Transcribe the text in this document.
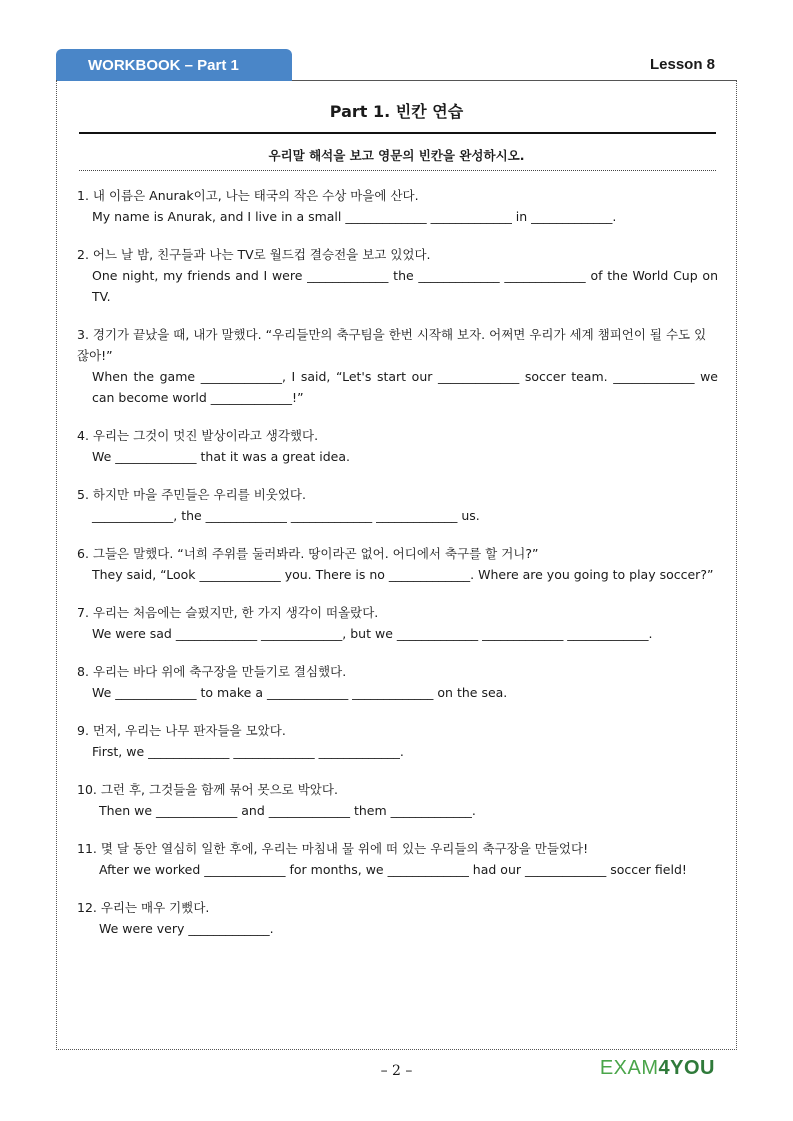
WORKBOOK – Part 1	Lesson 8
Part 1. 빈칸 연습
우리말 해석을 보고 영문의 빈칸을 완성하시오.
1. 내 이름은 Anurak이고, 나는 태국의 작은 수상 마을에 산다.
My name is Anurak, and I live in a small _____________ _____________ in _____________.
2. 어느 날 밤, 친구들과 나는 TV로 월드컵 결승전을 보고 있었다.
One night, my friends and I were _____________ the _____________ _____________ of the World Cup on TV.
3. 경기가 끝났을 때, 내가 말했다. “우리들만의 축구팀을 한번 시작해 보자. 어쩌면 우리가 세계 챔피언이 될 수도 있잖아!”
When the game _____________, I said, “Let's start our _____________ soccer team. _____________ we can become world _____________!”
4. 우리는 그것이 멋진 발상이라고 생각했다.
We _____________ that it was a great idea.
5. 하지만 마을 주민들은 우리를 비웃었다.
_____________, the _____________ _____________ _____________ us.
6. 그들은 말했다. “너희 주위를 둘러봐라. 땅이라곤 없어. 어디에서 축구를 할 거니?”
They said, “Look _____________ you. There is no _____________. Where are you going to play soccer?”
7. 우리는 처음에는 슬펐지만, 한 가지 생각이 떠올랐다.
We were sad _____________ _____________, but we _____________ _____________ _____________.
8. 우리는 바다 위에 축구장을 만들기로 결심했다.
We _____________ to make a _____________ _____________ on the sea.
9. 먼저, 우리는 나무 판자들을 모았다.
First, we _____________ _____________ _____________.
10. 그런 후, 그것들을 함께 묶어 못으로 박았다.
Then we _____________ and _____________ them _____________.
11. 몇 달 동안 열심히 일한 후에, 우리는 마침내 물 위에 떠 있는 우리들의 축구장을 만들었다!
After we worked _____________ for months, we _____________ had our _____________ soccer field!
12. 우리는 매우 기뻤다.
We were very _____________.
– 2 –	EXAM4YOU
